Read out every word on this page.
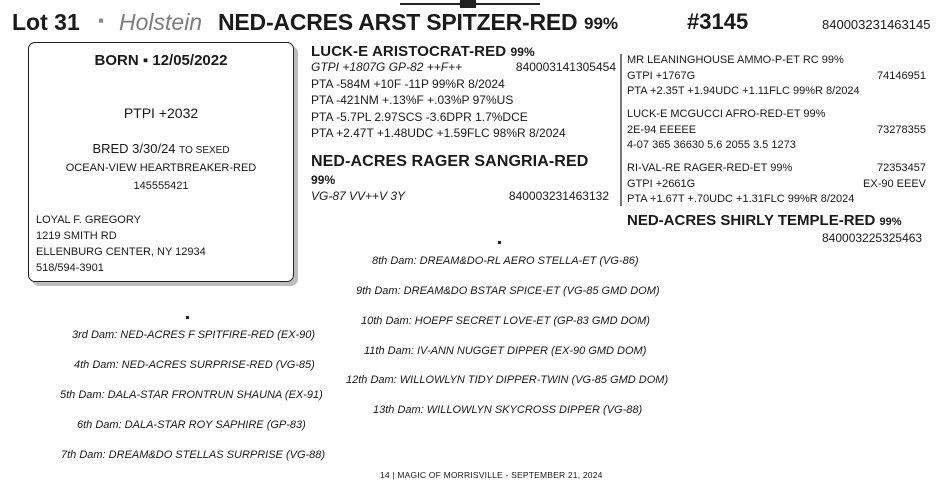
Lot 31 ▪ Holstein NED-ACRES ARST SPITZER-RED 99%	#3145	840003231463145
BORN ▪ 12/05/2022
PTPI +2032
BRED 3/30/24 TO SEXED
OCEAN-VIEW HEARTBREAKER-RED
145555421
LOYAL F. GREGORY
1219 SMITH RD
ELLENBURG CENTER, NY 12934
518/594-3901
LUCK-E ARISTOCRAT-RED 99%
GTPI +1807G GP-82 ++F++	840003141305454
PTA -584M +10F -11P 99%R 8/2024
PTA -421NM +.13%F +.03%P 97%US
PTA -5.7PL 2.97SCS -3.6DPR 1.7%DCE
PTA +2.47T +1.48UDC +1.59FLC 98%R 8/2024
NED-ACRES RAGER SANGRIA-RED 99%
VG-87 VV++V 3Y	840003231463132
MR LEANINGHOUSE AMMO-P-ET RC 99%
GTPI +1767G	74146951
PTA +2.35T +1.94UDC +1.11FLC 99%R 8/2024
LUCK-E MCGUCCI AFRO-RED-ET 99%
2E-94 EEEEE	73278355
4-07 365 36630 5.6 2055 3.5 1273
RI-VAL-RE RAGER-RED-ET 99%	72353457
GTPI +2661G	EX-90 EEEV
PTA +1.67T +.70UDC +1.31FLC 99%R 8/2024
NED-ACRES SHIRLY TEMPLE-RED 99%
840003225325463
3rd Dam: NED-ACRES F SPITFIRE-RED (EX-90)
4th Dam: NED-ACRES SURPRISE-RED (VG-85)
5th Dam: DALA-STAR FRONTRUN SHAUNA (EX-91)
6th Dam: DALA-STAR ROY SAPHIRE (GP-83)
7th Dam: DREAM&DO STELLAS SURPRISE (VG-88)
8th Dam: DREAM&DO-RL AERO STELLA-ET (VG-86)
9th Dam: DREAM&DO BSTAR SPICE-ET (VG-85 GMD DOM)
10th Dam: HOEPF SECRET LOVE-ET (GP-83 GMD DOM)
11th Dam: IV-ANN NUGGET DIPPER (EX-90 GMD DOM)
12th Dam: WILLOWLYN TIDY DIPPER-TWIN (VG-85 GMD DOM)
13th Dam: WILLOWLYN SKYCROSS DIPPER (VG-88)
14 | MAGIC OF MORRISVILLE - SEPTEMBER 21, 2024
